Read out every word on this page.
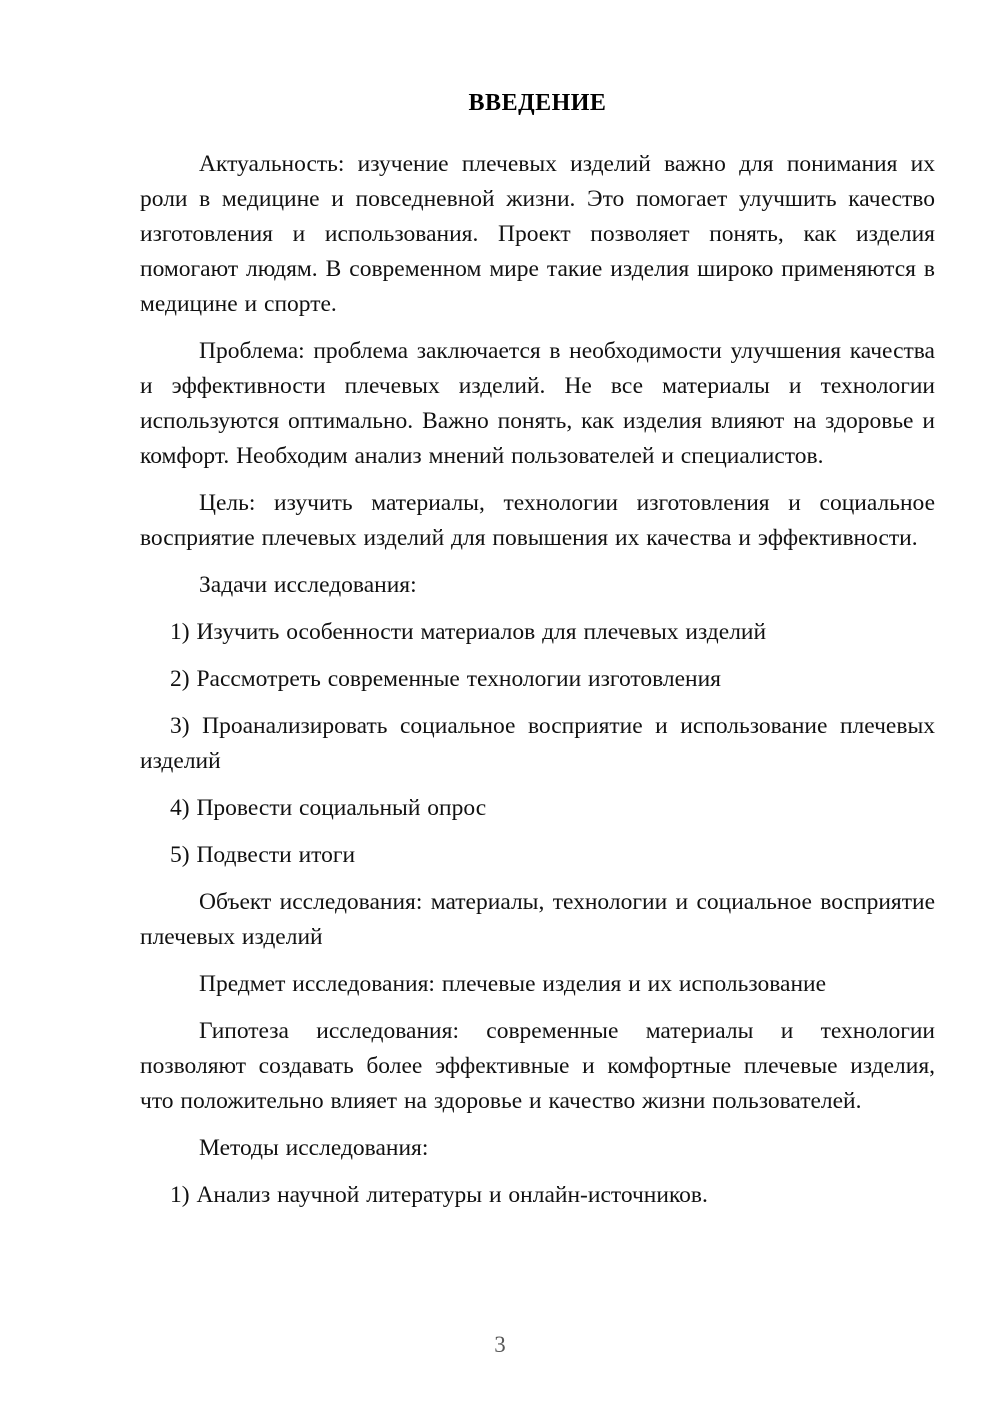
ВВЕДЕНИЕ

Актуальность: изучение плечевых изделий важно для понимания их роли в медицине и повседневной жизни. Это помогает улучшить качество изготовления и использования. Проект позволяет понять, как изделия помогают людям. В современном мире такие изделия широко применяются в медицине и спорте.

Проблема: проблема заключается в необходимости улучшения качества и эффективности плечевых изделий. Не все материалы и технологии используются оптимально. Важно понять, как изделия влияют на здоровье и комфорт. Необходим анализ мнений пользователей и специалистов.

Цель: изучить материалы, технологии изготовления и социальное восприятие плечевых изделий для повышения их качества и эффективности.

Задачи исследования:

1) Изучить особенности материалов для плечевых изделий

2) Рассмотреть современные технологии изготовления

3) Проанализировать социальное восприятие и использование плечевых изделий

4) Провести социальный опрос

5) Подвести итоги

Объект исследования: материалы, технологии и социальное восприятие плечевых изделий

Предмет исследования: плечевые изделия и их использование

Гипотеза исследования: современные материалы и технологии позволяют создавать более эффективные и комфортные плечевые изделия, что положительно влияет на здоровье и качество жизни пользователей.

Методы исследования:

1) Анализ научной литературы и онлайн-источников.

3
